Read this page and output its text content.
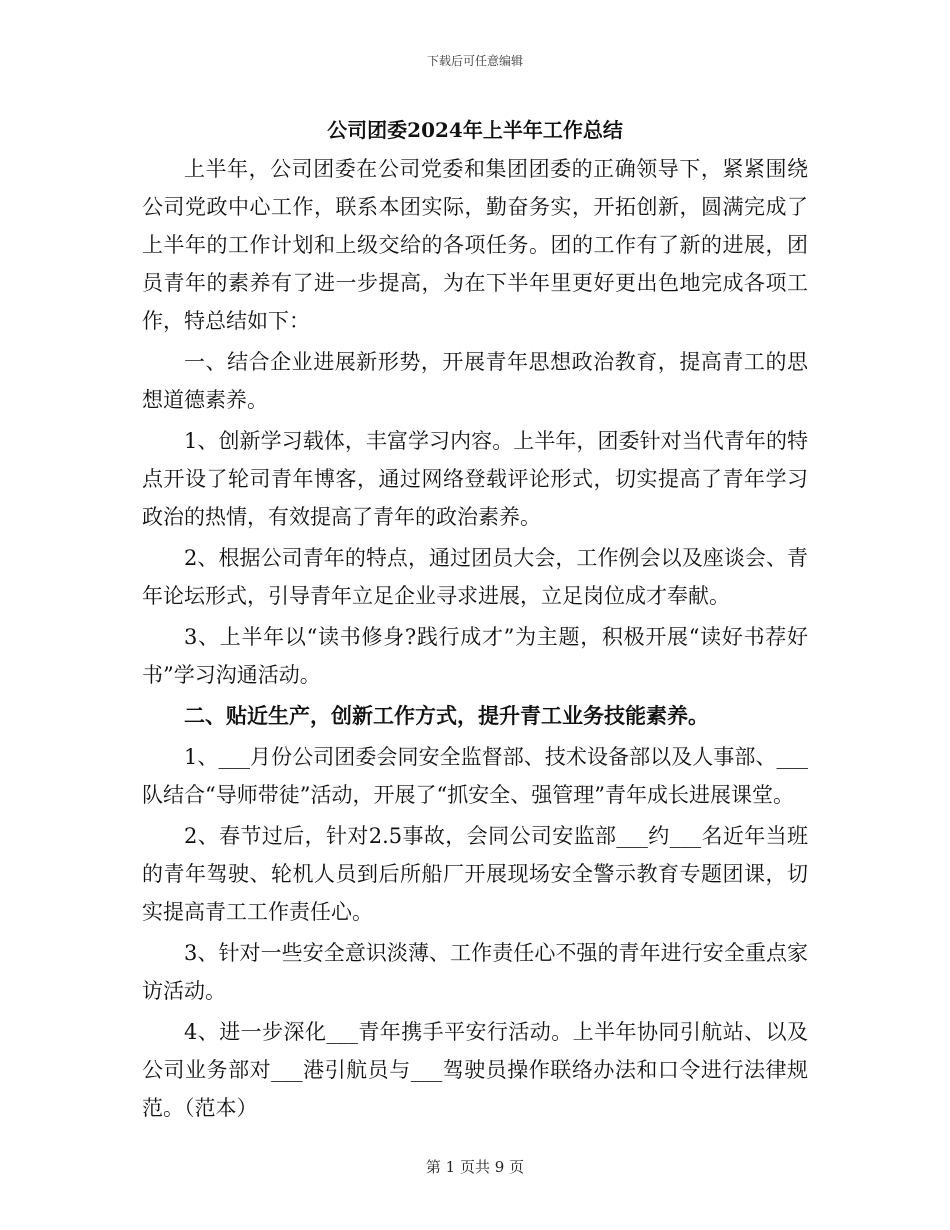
下载后可任意编辑
公司团委2024年上半年工作总结

上半年，公司团委在公司党委和集团团委的正确领导下，紧紧围绕公司党政中心工作，联系本团实际，勤奋务实，开拓创新，圆满完成了上半年的工作计划和上级交给的各项任务。团的工作有了新的进展，团员青年的素养有了进一步提高，为在下半年里更好更出色地完成各项工作，特总结如下：

一、结合企业进展新形势，开展青年思想政治教育，提高青工的思想道德素养。

1、创新学习载体，丰富学习内容。上半年，团委针对当代青年的特点开设了轮司青年博客，通过网络登载评论形式，切实提高了青年学习政治的热情，有效提高了青年的政治素养。

2、根据公司青年的特点，通过团员大会，工作例会以及座谈会、青年论坛形式，引导青年立足企业寻求进展，立足岗位成才奉献。

3、上半年以“读书修身?践行成才”为主题，积极开展“读好书荐好书”学习沟通活动。

二、贴近生产，创新工作方式，提升青工业务技能素养。

1、___月份公司团委会同安全监督部、技术设备部以及人事部、___队结合“导师带徒”活动，开展了“抓安全、强管理”青年成长进展课堂。

2、春节过后，针对2.5事故，会同公司安监部___约___名近年当班的青年驾驶、轮机人员到后所船厂开展现场安全警示教育专题团课，切实提高青工工作责任心。

3、针对一些安全意识淡薄、工作责任心不强的青年进行安全重点家访活动。

4、进一步深化___青年携手平安行活动。上半年协同引航站、以及公司业务部对___港引航员与___驾驶员操作联络办法和口令进行法律规范。（范本）

第 1 页共 9 页
